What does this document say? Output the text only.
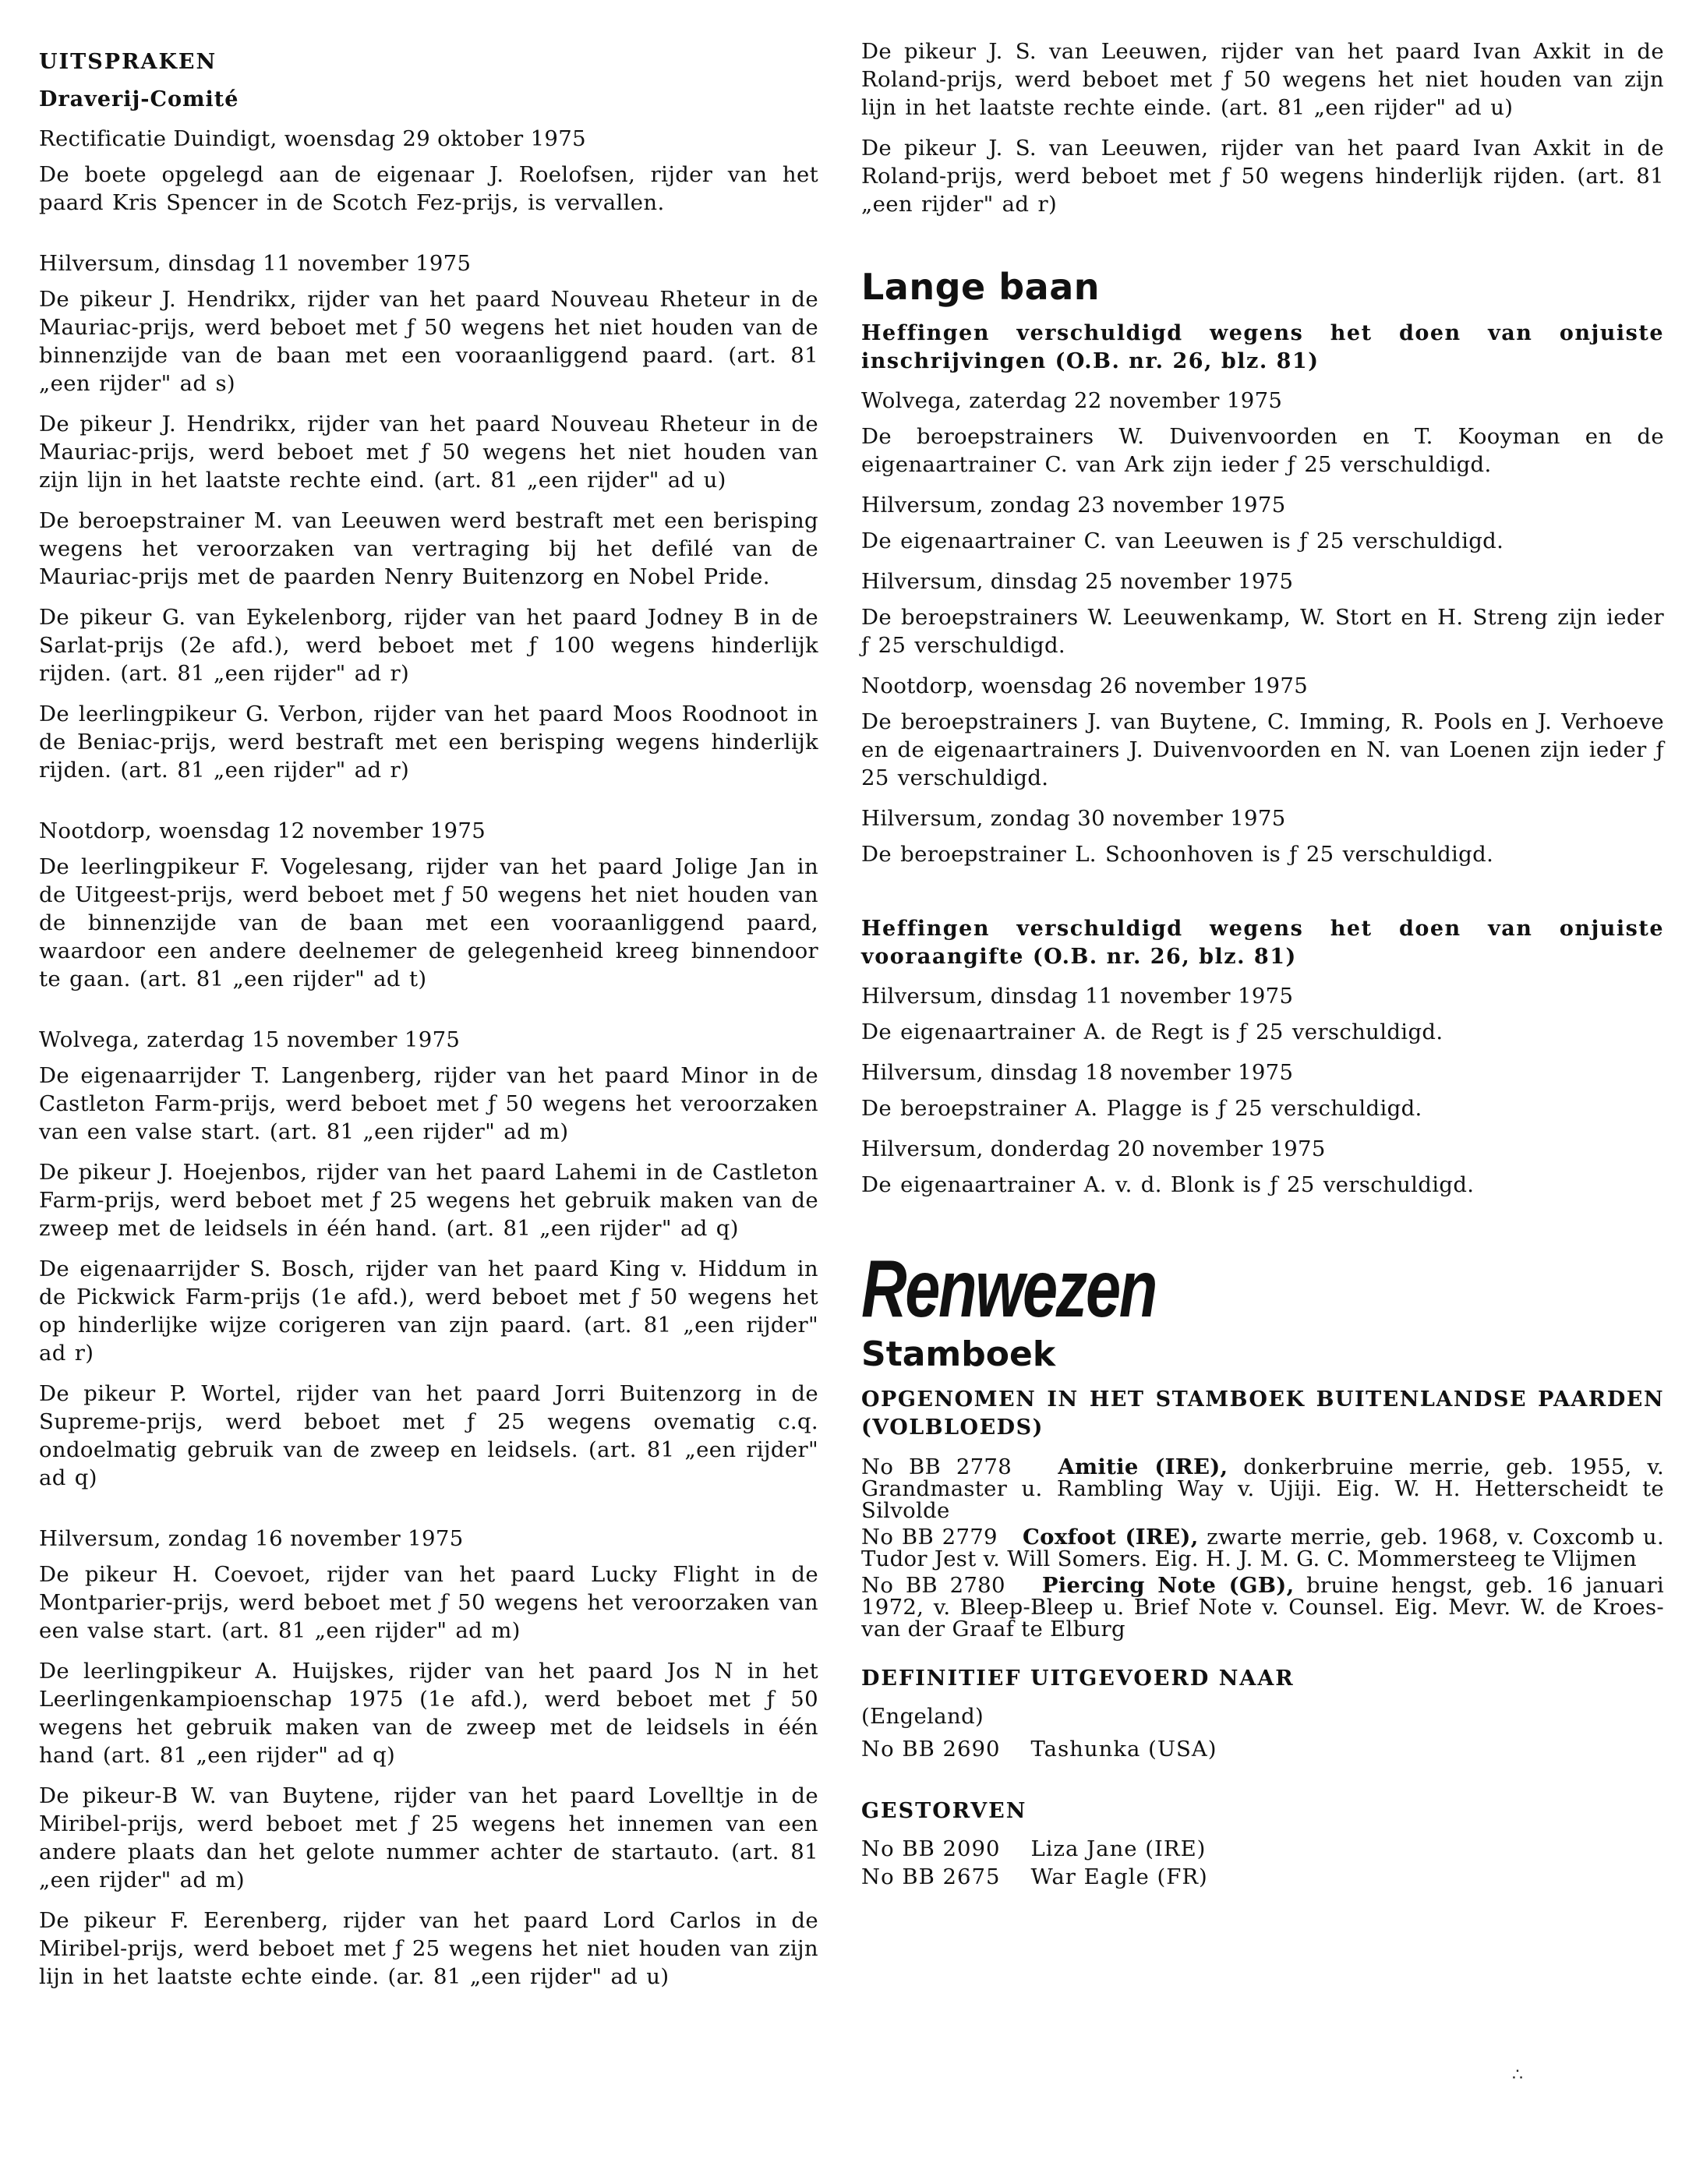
UITSPRAKEN
Draverij-Comité
Rectificatie Duindigt, woensdag 29 oktober 1975

De boete opgelegd aan de eigenaar J. Roelofsen, rijder van het paard Kris Spencer in de Scotch Fez-prijs, is vervallen.

Hilversum, dinsdag 11 november 1975

De pikeur J. Hendrikx, rijder van het paard Nouveau Rheteur in de Mauriac-prijs, werd beboet met ƒ 50 wegens het niet houden van de binnenzijde van de baan met een vooraanliggend paard. (art. 81 „een rijder" ad s)

De pikeur J. Hendrikx, rijder van het paard Nouveau Rheteur in de Mauriac-prijs, werd beboet met ƒ 50 wegens het niet houden van zijn lijn in het laatste rechte eind. (art. 81 „een rijder" ad u)

De beroepstrainer M. van Leeuwen werd bestraft met een berisping wegens het veroorzaken van vertraging bij het defilé van de Mauriac-prijs met de paarden Nenry Buitenzorg en Nobel Pride.

De pikeur G. van Eykelenborg, rijder van het paard Jodney B in de Sarlat-prijs (2e afd.), werd beboet met ƒ 100 wegens hinderlijk rijden. (art. 81 „een rijder" ad r)

De leerlingpikeur G. Verbon, rijder van het paard Moos Roodnoot in de Beniac-prijs, werd bestraft met een berisping wegens hinderlijk rijden. (art. 81 „een rijder" ad r)

Nootdorp, woensdag 12 november 1975

De leerlingpikeur F. Vogelesang, rijder van het paard Jolige Jan in de Uitgeest-prijs, werd beboet met ƒ 50 wegens het niet houden van de binnenzijde van de baan met een vooraanliggend paard, waardoor een andere deelnemer de gelegenheid kreeg binnendoor te gaan. (art. 81 „een rijder" ad t)

Wolvega, zaterdag 15 november 1975

De eigenaarrijder T. Langenberg, rijder van het paard Minor in de Castleton Farm-prijs, werd beboet met ƒ 50 wegens het veroorzaken van een valse start. (art. 81 „een rijder" ad m)

De pikeur J. Hoejenbos, rijder van het paard Lahemi in de Castleton Farm-prijs, werd beboet met ƒ 25 wegens het gebruik maken van de zweep met de leidsels in één hand. (art. 81 „een rijder" ad q)

De eigenaarrijder S. Bosch, rijder van het paard King v. Hiddum in de Pickwick Farm-prijs (1e afd.), werd beboet met ƒ 50 wegens het op hinderlijke wijze corigeren van zijn paard. (art. 81 „een rijder" ad r)

De pikeur P. Wortel, rijder van het paard Jorri Buitenzorg in de Supreme-prijs, werd beboet met ƒ 25 wegens ovematig c.q. ondoelmatig gebruik van de zweep en leidsels. (art. 81 „een rijder" ad q)

Hilversum, zondag 16 november 1975

De pikeur H. Coevoet, rijder van het paard Lucky Flight in de Montparier-prijs, werd beboet met ƒ 50 wegens het veroorzaken van een valse start. (art. 81 „een rijder" ad m)

De leerlingpikeur A. Huijskes, rijder van het paard Jos N in het Leerlingenkampioenschap 1975 (1e afd.), werd beboet met ƒ 50 wegens het gebruik maken van de zweep met de leidsels in één hand (art. 81 „een rijder" ad q)

De pikeur-B W. van Buytene, rijder van het paard Lovelltje in de Miribel-prijs, werd beboet met ƒ 25 wegens het innemen van een andere plaats dan het gelote nummer achter de startauto. (art. 81 „een rijder" ad m)

De pikeur F. Eerenberg, rijder van het paard Lord Carlos in de Miribel-prijs, werd beboet met ƒ 25 wegens het niet houden van zijn lijn in het laatste echte einde. (ar. 81 „een rijder" ad u)

De pikeur J. S. van Leeuwen, rijder van het paard Ivan Axkit in de Roland-prijs, werd beboet met ƒ 50 wegens het niet houden van zijn lijn in het laatste rechte einde. (art. 81 „een rijder" ad u)

De pikeur J. S. van Leeuwen, rijder van het paard Ivan Axkit in de Roland-prijs, werd beboet met ƒ 50 wegens hinderlijk rijden. (art. 81 „een rijder" ad r)

Lange baan
Heffingen verschuldigd wegens het doen van onjuiste inschrijvingen (O.B. nr. 26, blz. 81)
Wolvega, zaterdag 22 november 1975

De beroepstrainers W. Duivenvoorden en T. Kooyman en de eigenaartrainer C. van Ark zijn ieder ƒ 25 verschuldigd.

Hilversum, zondag 23 november 1975

De eigenaartrainer C. van Leeuwen is ƒ 25 verschuldigd.

Hilversum, dinsdag 25 november 1975

De beroepstrainers W. Leeuwenkamp, W. Stort en H. Streng zijn ieder ƒ 25 verschuldigd.

Nootdorp, woensdag 26 november 1975

De beroepstrainers J. van Buytene, C. Imming, R. Pools en J. Verhoeve en de eigenaartrainers J. Duivenvoorden en N. van Loenen zijn ieder ƒ 25 verschuldigd.

Hilversum, zondag 30 november 1975

De beroepstrainer L. Schoonhoven is ƒ 25 verschuldigd.

Heffingen verschuldigd wegens het doen van onjuiste vooraangifte (O.B. nr. 26, blz. 81)
Hilversum, dinsdag 11 november 1975

De eigenaartrainer A. de Regt is ƒ 25 verschuldigd.

Hilversum, dinsdag 18 november 1975

De beroepstrainer A. Plagge is ƒ 25 verschuldigd.

Hilversum, donderdag 20 november 1975

De eigenaartrainer A. v. d. Blonk is ƒ 25 verschuldigd.

Renwezen
Stamboek
OPGENOMEN IN HET STAMBOEK BUITENLANDSE PAARDEN (VOLBLOEDS)

No BB 2778 Amitie (IRE), donkerbruine merrie, geb. 1955, v. Grandmaster u. Rambling Way v. Ujiji. Eig. W. H. Hetterscheidt te Silvolde

No BB 2779 Coxfoot (IRE), zwarte merrie, geb. 1968, v. Coxcomb u. Tudor Jest v. Will Somers. Eig. H. J. M. G. C. Mommersteeg te Vlijmen

No BB 2780 Piercing Note (GB), bruine hengst, geb. 16 januari 1972, v. Bleep-Bleep u. Brief Note v. Counsel. Eig. Mevr. W. de Kroes-van der Graaf te Elburg

DEFINITIEF UITGEVOERD NAAR
(Engeland)
No BB 2690    Tashunka (USA)
GESTORVEN
No BB 2090    Liza Jane (IRE)
No BB 2675    War Eagle (FR)
∴
